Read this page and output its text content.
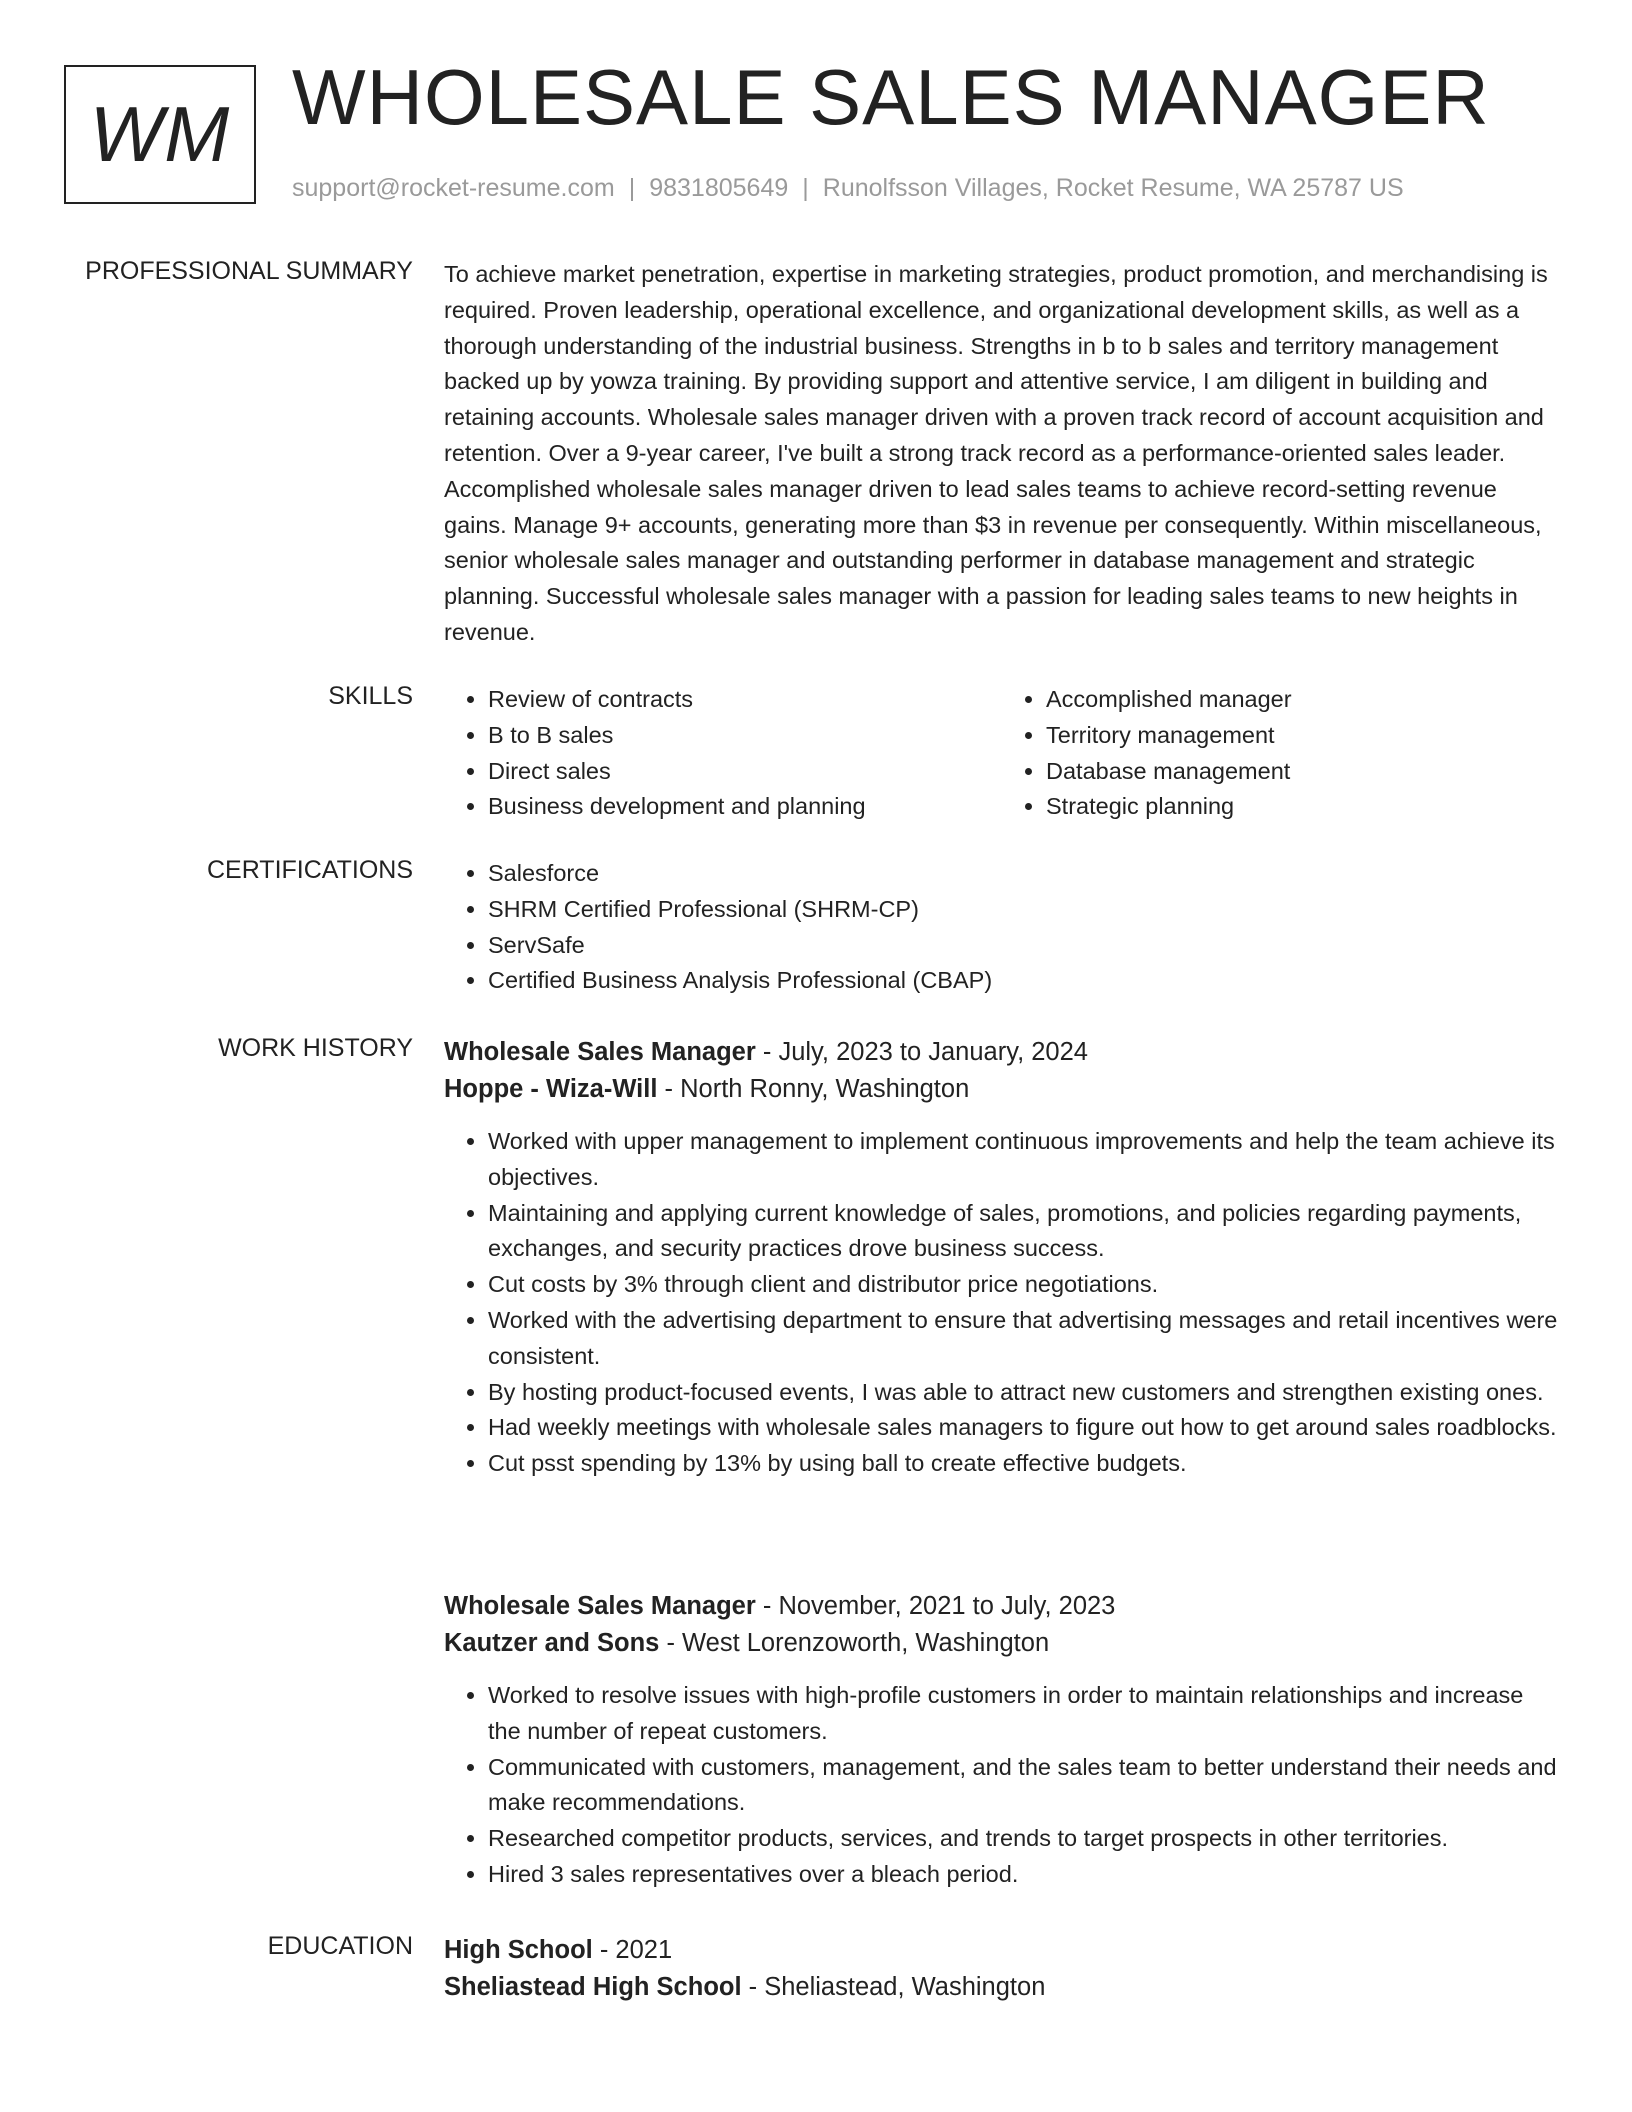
WM WHOLESALE SALES MANAGER
support@rocket-resume.com | 9831805649 | Runolfsson Villages, Rocket Resume, WA 25787 US
PROFESSIONAL SUMMARY To achieve market penetration, expertise in marketing strategies, product promotion, and merchandising is required. Proven leadership, operational excellence, and organizational development skills, as well as a thorough understanding of the industrial business. Strengths in b to b sales and territory management backed up by yowza training. By providing support and attentive service, I am diligent in building and retaining accounts. Wholesale sales manager driven with a proven track record of account acquisition and retention. Over a 9-year career, I've built a strong track record as a performance-oriented sales leader. Accomplished wholesale sales manager driven to lead sales teams to achieve record-setting revenue gains. Manage 9+ accounts, generating more than $3 in revenue per consequently. Within miscellaneous, senior wholesale sales manager and outstanding performer in database management and strategic planning. Successful wholesale sales manager with a passion for leading sales teams to new heights in revenue.
SKILLS	• Review of contracts
• B to B sales
• Direct sales
• Business development and planning
• Accomplished manager
• Territory management
• Database management
• Strategic planning
CERTIFICATIONS	• Salesforce
• SHRM Certified Professional (SHRM-CP)
• ServSafe
• Certified Business Analysis Professional (CBAP)
WORK HISTORY Wholesale Sales Manager - July, 2023 to January, 2024
Hoppe - Wiza-Will - North Ronny, Washington
• Worked with upper management to implement continuous improvements and help the team achieve its objectives.
• Maintaining and applying current knowledge of sales, promotions, and policies regarding payments, exchanges, and security practices drove business success.
• Cut costs by 3% through client and distributor price negotiations.
• Worked with the advertising department to ensure that advertising messages and retail incentives were consistent.
• By hosting product-focused events, I was able to attract new customers and strengthen existing ones.
• Had weekly meetings with wholesale sales managers to figure out how to get around sales roadblocks.
• Cut psst spending by 13% by using ball to create effective budgets.
Wholesale Sales Manager - November, 2021 to July, 2023
Kautzer and Sons - West Lorenzoworth, Washington
• Worked to resolve issues with high-profile customers in order to maintain relationships and increase the number of repeat customers.
• Communicated with customers, management, and the sales team to better understand their needs and make recommendations.
• Researched competitor products, services, and trends to target prospects in other territories.
• Hired 3 sales representatives over a bleach period.
EDUCATION High School - 2021
Sheliastead High School - Sheliastead, Washington
